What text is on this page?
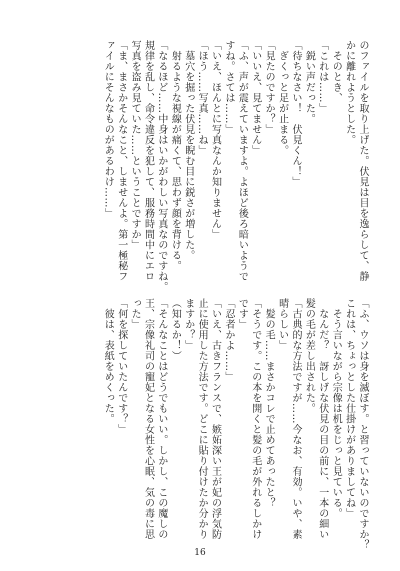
のファイルを取り上げた。伏見は目を逸らして、静

かに離れようとした。

　そのとき、

「これは……」

　鋭い声だった。

「待ちなさい！　伏見くん！」

　ぎくっと足が止まる。

「見たのですか？」

「いいえ、見てません」

「ふ、声が震えていますよ。よほど後ろ暗いようで

すね。さては……」

「いえ、ほんとに写真なんか知りません」

「ほう……写真……ね」

　墓穴を掘った伏見を睨む目に鋭さが増した。

　射るような視線が痛くて、思わず顔を背ける。

「なるほど……中身はいかがわしい写真なのですね。

規律を乱し、命令違反を犯して、服務時間中にエロ

写真を盗み見ていた……ということですか」

「ま、まさかそんなこと、しませんよ。第一極秘フ

ァイルにそんなものがあるわけ……」

「ふ、ウソは身を滅ぼす。と習っていないのですか？

これは、ちょっとした仕掛けがありましてね」

　そう言いながら宗像は机をじっと見ている。

　なんだ？　訝しげな伏見の目の前に、一本の細い

髪の毛が差し出された。

「古典的な方法ですが……今なお、有効。いや、素

晴らしい」

　髪の毛……まさかコレで止めてあったと？

「そうです。この本を開くと髪の毛が外れるしかけ

です」

「忍者かよ……」

「いえ、古きフランスで、嫉妬深い王が妃の浮気防

止に使用した方法です。どこに貼り付けたか分かり

ますか？」

（知るか！）

「そんなことはどうでもいい。しかし、この魔しの

王、宗像礼司の寵妃となる女性を心眠、気の毒に思

った」

「何を探していたんです？」

　彼は、表紙をめくった。

16
